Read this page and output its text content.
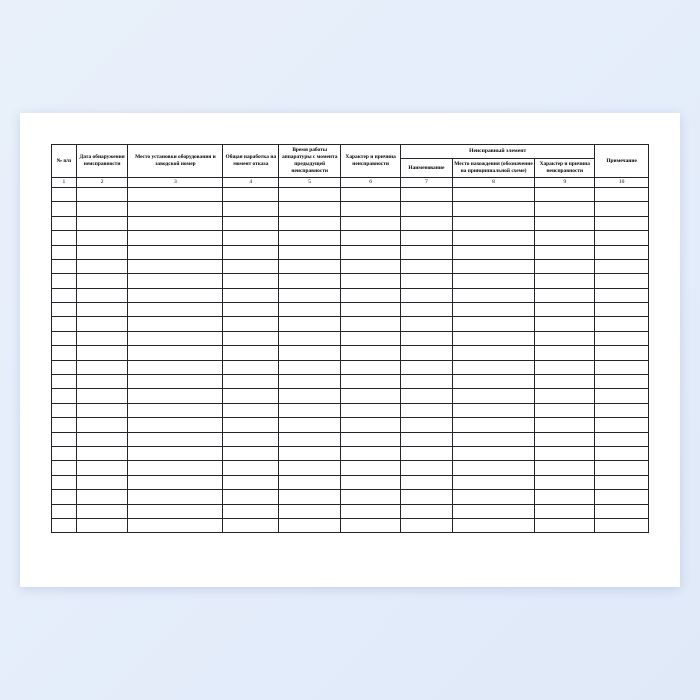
№ п/п	Дата обнаружения неисправности	Место установки оборудования и заводской номер	Общая наработка на момент отказа	Время работы аппаратуры с момента предыдущей неисправности	Характер и причина неисправности	Неисправный элемент			Примечание
						Наименование	Место нахождения (обозначение на принципиальной схеме)	Характер и причина неисправности	
1	2	3	4	5	6	7	8	9	10
